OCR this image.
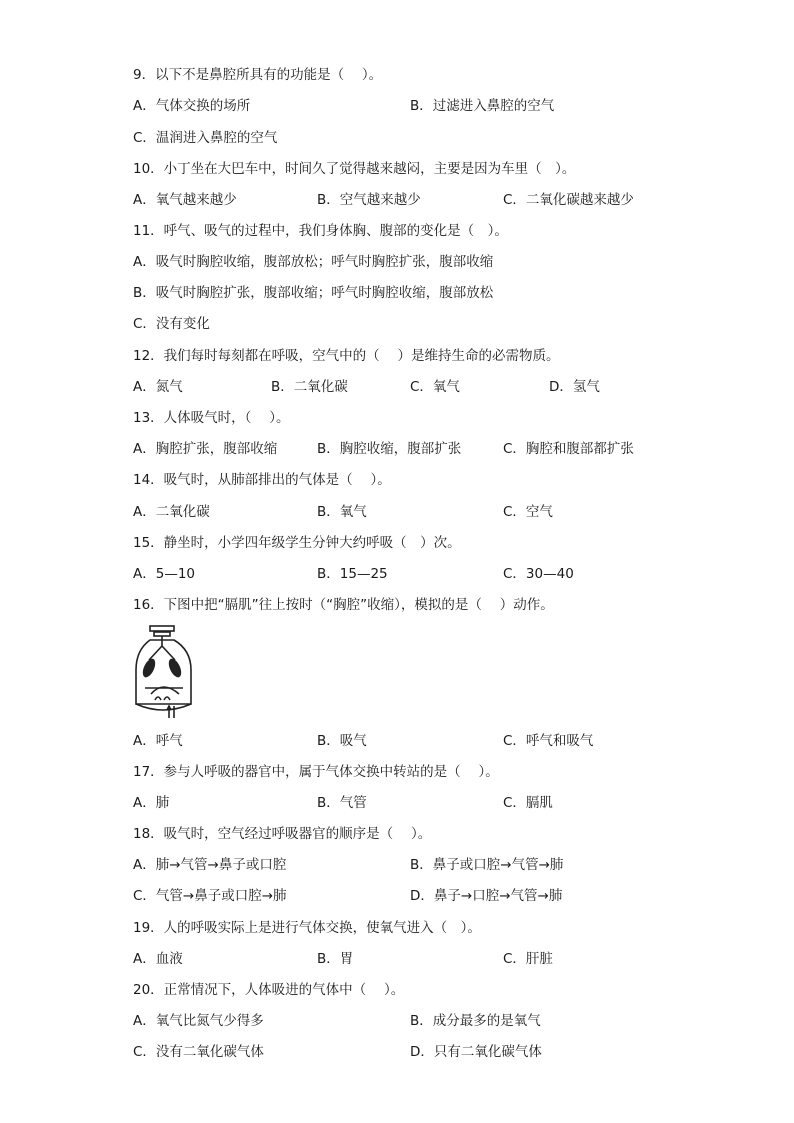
9．以下不是鼻腔所具有的功能是（　 ）。
A．气体交换的场所	B．过滤进入鼻腔的空气
C．温润进入鼻腔的空气
10．小丁坐在大巴车中，时间久了觉得越来越闷，主要是因为车里（　）。
A．氧气越来越少	B．空气越来越少	C．二氧化碳越来越少
11．呼气、吸气的过程中，我们身体胸、腹部的变化是（　）。
A．吸气时胸腔收缩，腹部放松；呼气时胸腔扩张，腹部收缩
B．吸气时胸腔扩张，腹部收缩；呼气时胸腔收缩，腹部放松
C．没有变化
12．我们每时每刻都在呼吸，空气中的（　 ）是维持生命的必需物质。
A．氮气	B．二氧化碳	C．氧气	D．氢气
13．人体吸气时，（　 ）。
A．胸腔扩张，腹部收缩	B．胸腔收缩，腹部扩张	C．胸腔和腹部都扩张
14．吸气时，从肺部排出的气体是（　 ）。
A．二氧化碳	B．氧气	C．空气
15．静坐时，小学四年级学生分钟大约呼吸（　）次。
A．5—10	B．15—25	C．30—40
16．下图中把“膈肌”往上按时（“胸腔”收缩），模拟的是（　 ）动作。
A．呼气	B．吸气	C．呼气和吸气
17．参与人呼吸的器官中，属于气体交换中转站的是（　 ）。
A．肺	B．气管	C．膈肌
18．吸气时，空气经过呼吸器官的顺序是（　 ）。
A．肺→气管→鼻子或口腔	B．鼻子或口腔→气管→肺
C．气管→鼻子或口腔→肺	D．鼻子→口腔→气管→肺
19．人的呼吸实际上是进行气体交换，使氧气进入（　）。
A．血液	B．胃	C．肝脏
20．正常情况下，人体吸进的气体中（　 ）。
A．氧气比氮气少得多	B．成分最多的是氧气
C．没有二氧化碳气体	D．只有二氧化碳气体
